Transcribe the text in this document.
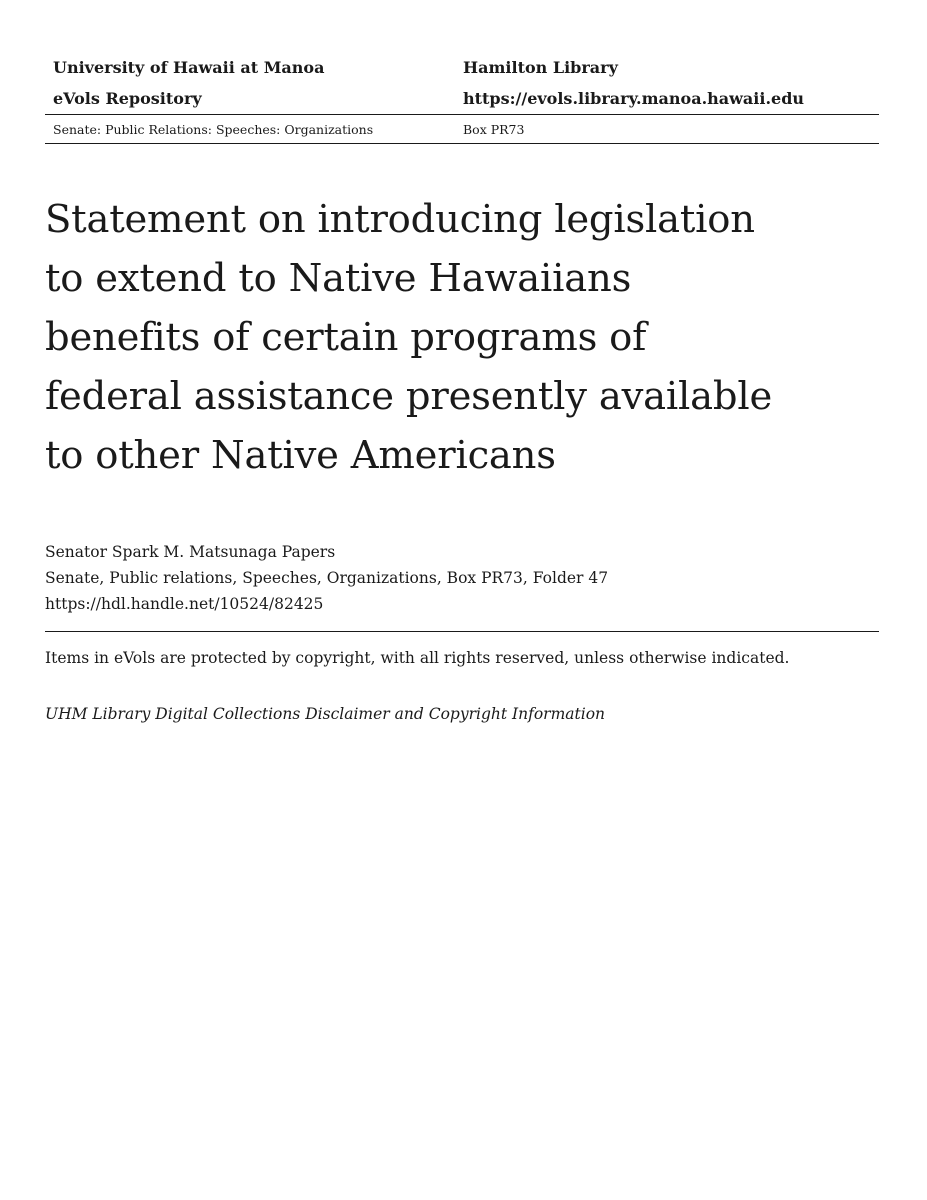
University of Hawaii at Manoa	Hamilton Library
eVols Repository	https://evols.library.manoa.hawaii.edu
Senate: Public Relations: Speeches: Organizations	Box PR73
Statement on introducing legislation
to extend to Native Hawaiians
benefits of certain programs of
federal assistance presently available
to other Native Americans
Senator Spark M. Matsunaga Papers
Senate, Public relations, Speeches, Organizations, Box PR73, Folder 47
https://hdl.handle.net/10524/82425
Items in eVols are protected by copyright, with all rights reserved, unless otherwise indicated.
UHM Library Digital Collections Disclaimer and Copyright Information
